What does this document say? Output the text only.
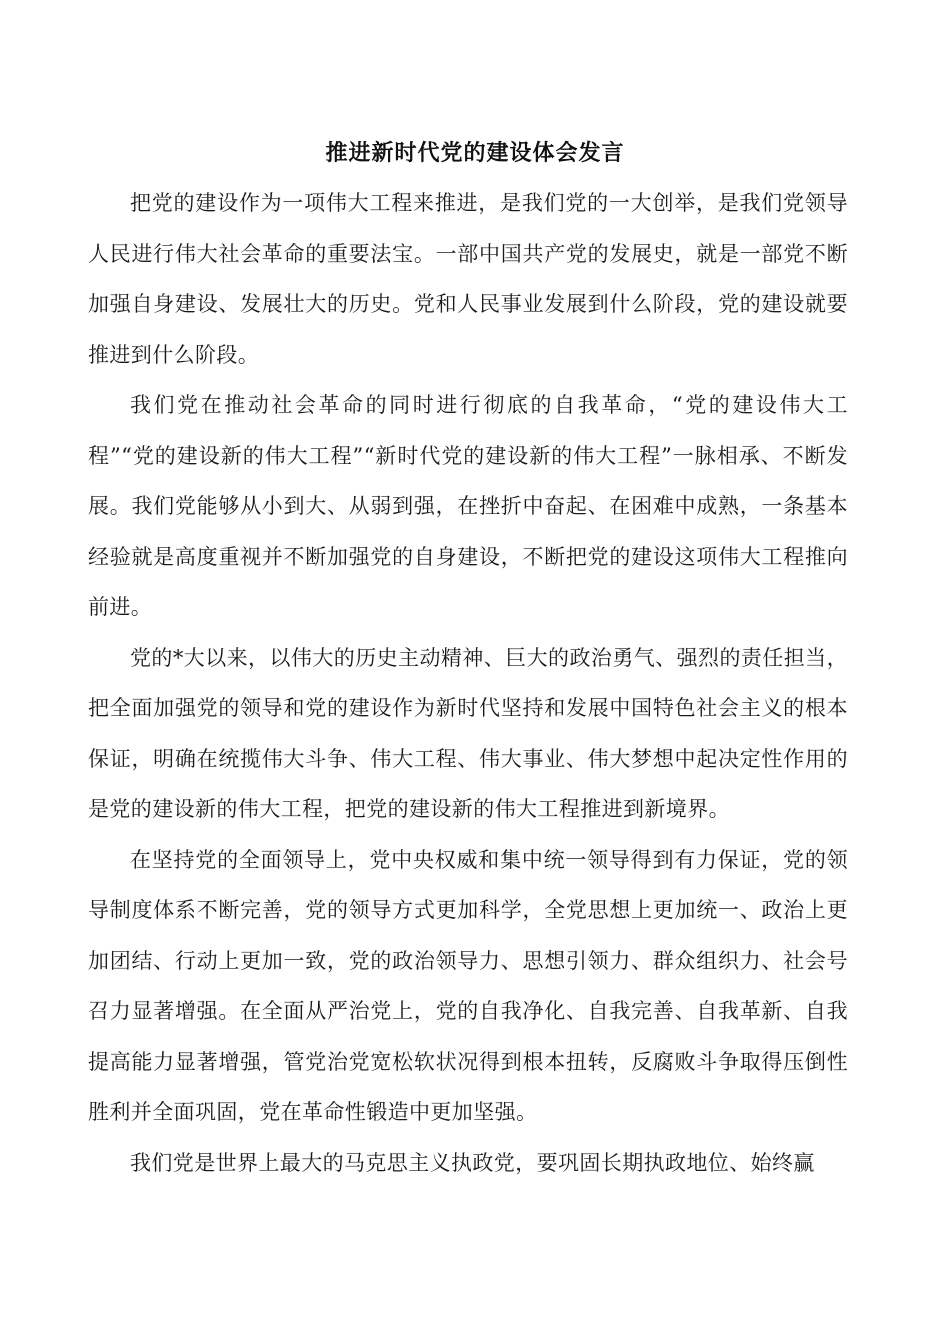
推进新时代党的建设体会发言

把党的建设作为一项伟大工程来推进，是我们党的一大创举，是我们党领导人民进行伟大社会革命的重要法宝。一部中国共产党的发展史，就是一部党不断加强自身建设、发展壮大的历史。党和人民事业发展到什么阶段，党的建设就要推进到什么阶段。

我们党在推动社会革命的同时进行彻底的自我革命，“党的建设伟大工程”“党的建设新的伟大工程”“新时代党的建设新的伟大工程”一脉相承、不断发展。我们党能够从小到大、从弱到强，在挫折中奋起、在困难中成熟，一条基本经验就是高度重视并不断加强党的自身建设，不断把党的建设这项伟大工程推向前进。

党的*大以来，以伟大的历史主动精神、巨大的政治勇气、强烈的责任担当，把全面加强党的领导和党的建设作为新时代坚持和发展中国特色社会主义的根本保证，明确在统揽伟大斗争、伟大工程、伟大事业、伟大梦想中起决定性作用的是党的建设新的伟大工程，把党的建设新的伟大工程推进到新境界。

在坚持党的全面领导上，党中央权威和集中统一领导得到有力保证，党的领导制度体系不断完善，党的领导方式更加科学，全党思想上更加统一、政治上更加团结、行动上更加一致，党的政治领导力、思想引领力、群众组织力、社会号召力显著增强。在全面从严治党上，党的自我净化、自我完善、自我革新、自我提高能力显著增强，管党治党宽松软状况得到根本扭转，反腐败斗争取得压倒性胜利并全面巩固，党在革命性锻造中更加坚强。

我们党是世界上最大的马克思主义执政党，要巩固长期执政地位、始终赢
